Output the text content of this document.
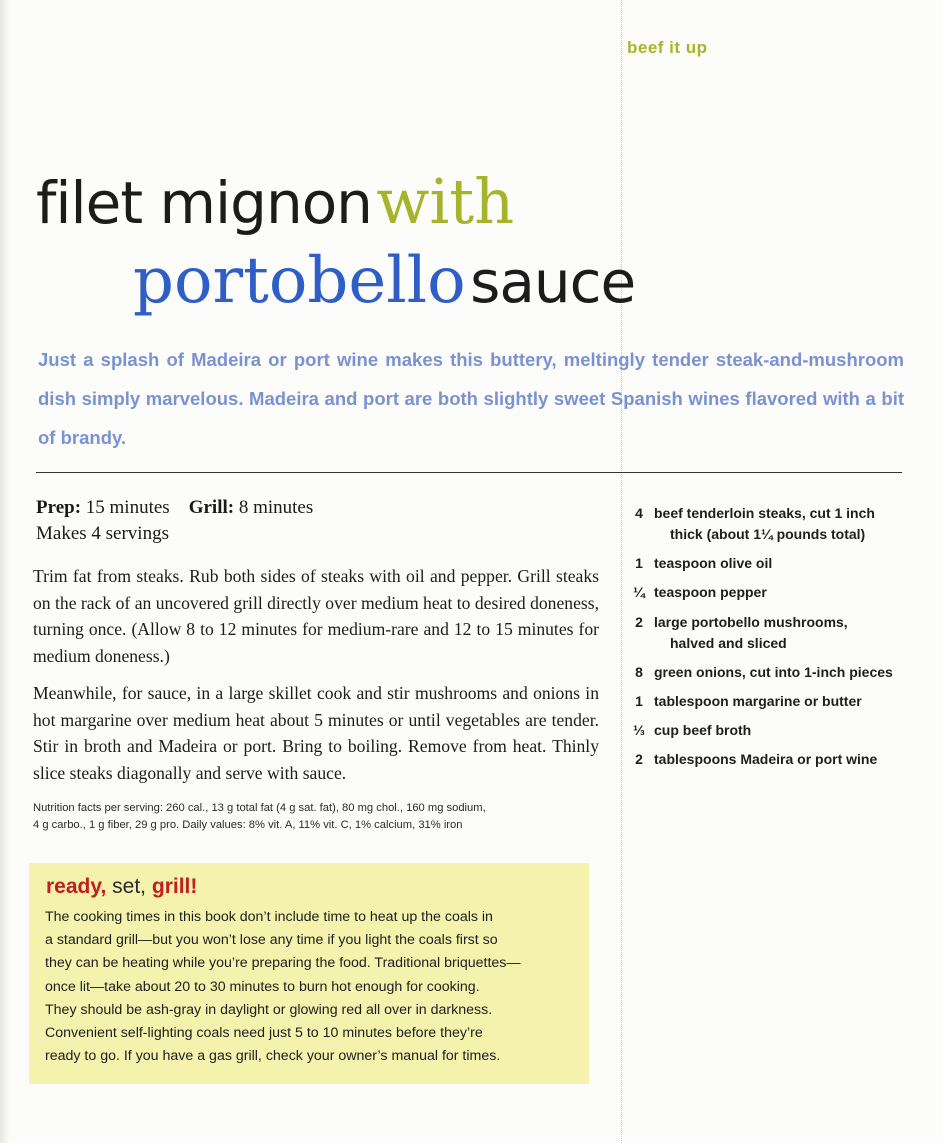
beef it up
filet mignon with
portobello sauce
Just a splash of Madeira or port wine makes this buttery, meltingly tender steak-and-mushroom dish simply marvelous. Madeira and port are both slightly sweet Spanish wines flavored with a bit of brandy.
Prep: 15 minutes Grill: 8 minutes
Makes 4 servings

Trim fat from steaks. Rub both sides of steaks with oil and pepper. Grill steaks on the rack of an uncovered grill directly over medium heat to desired doneness, turning once. (Allow 8 to 12 minutes for medium-rare and 12 to 15 minutes for medium doneness.)

Meanwhile, for sauce, in a large skillet cook and stir mushrooms and onions in hot margarine over medium heat about 5 minutes or until vegetables are tender. Stir in broth and Madeira or port. Bring to boiling. Remove from heat. Thinly slice steaks diagonally and serve with sauce.

Nutrition facts per serving: 260 cal., 13 g total fat (4 g sat. fat), 80 mg chol., 160 mg sodium,
4 g carbo., 1 g fiber, 29 g pro. Daily values: 8% vit. A, 11% vit. C, 1% calcium, 31% iron
ready, set, grill!
The cooking times in this book don’t include time to heat up the coals in
a standard grill—but you won’t lose any time if you light the coals first so
they can be heating while you’re preparing the food. Traditional briquettes—
once lit—take about 20 to 30 minutes to burn hot enough for cooking.
They should be ash-gray in daylight or glowing red all over in darkness.
Convenient self-lighting coals need just 5 to 10 minutes before they’re
ready to go. If you have a gas grill, check your owner’s manual for times.
4 beef tenderloin steaks, cut 1 inch
thick (about 1¼ pounds total)
1 teaspoon olive oil
¼ teaspoon pepper
2 large portobello mushrooms,
halved and sliced
8 green onions, cut into 1-inch pieces
1 tablespoon margarine or butter
⅓ cup beef broth
2 tablespoons Madeira or port wine
